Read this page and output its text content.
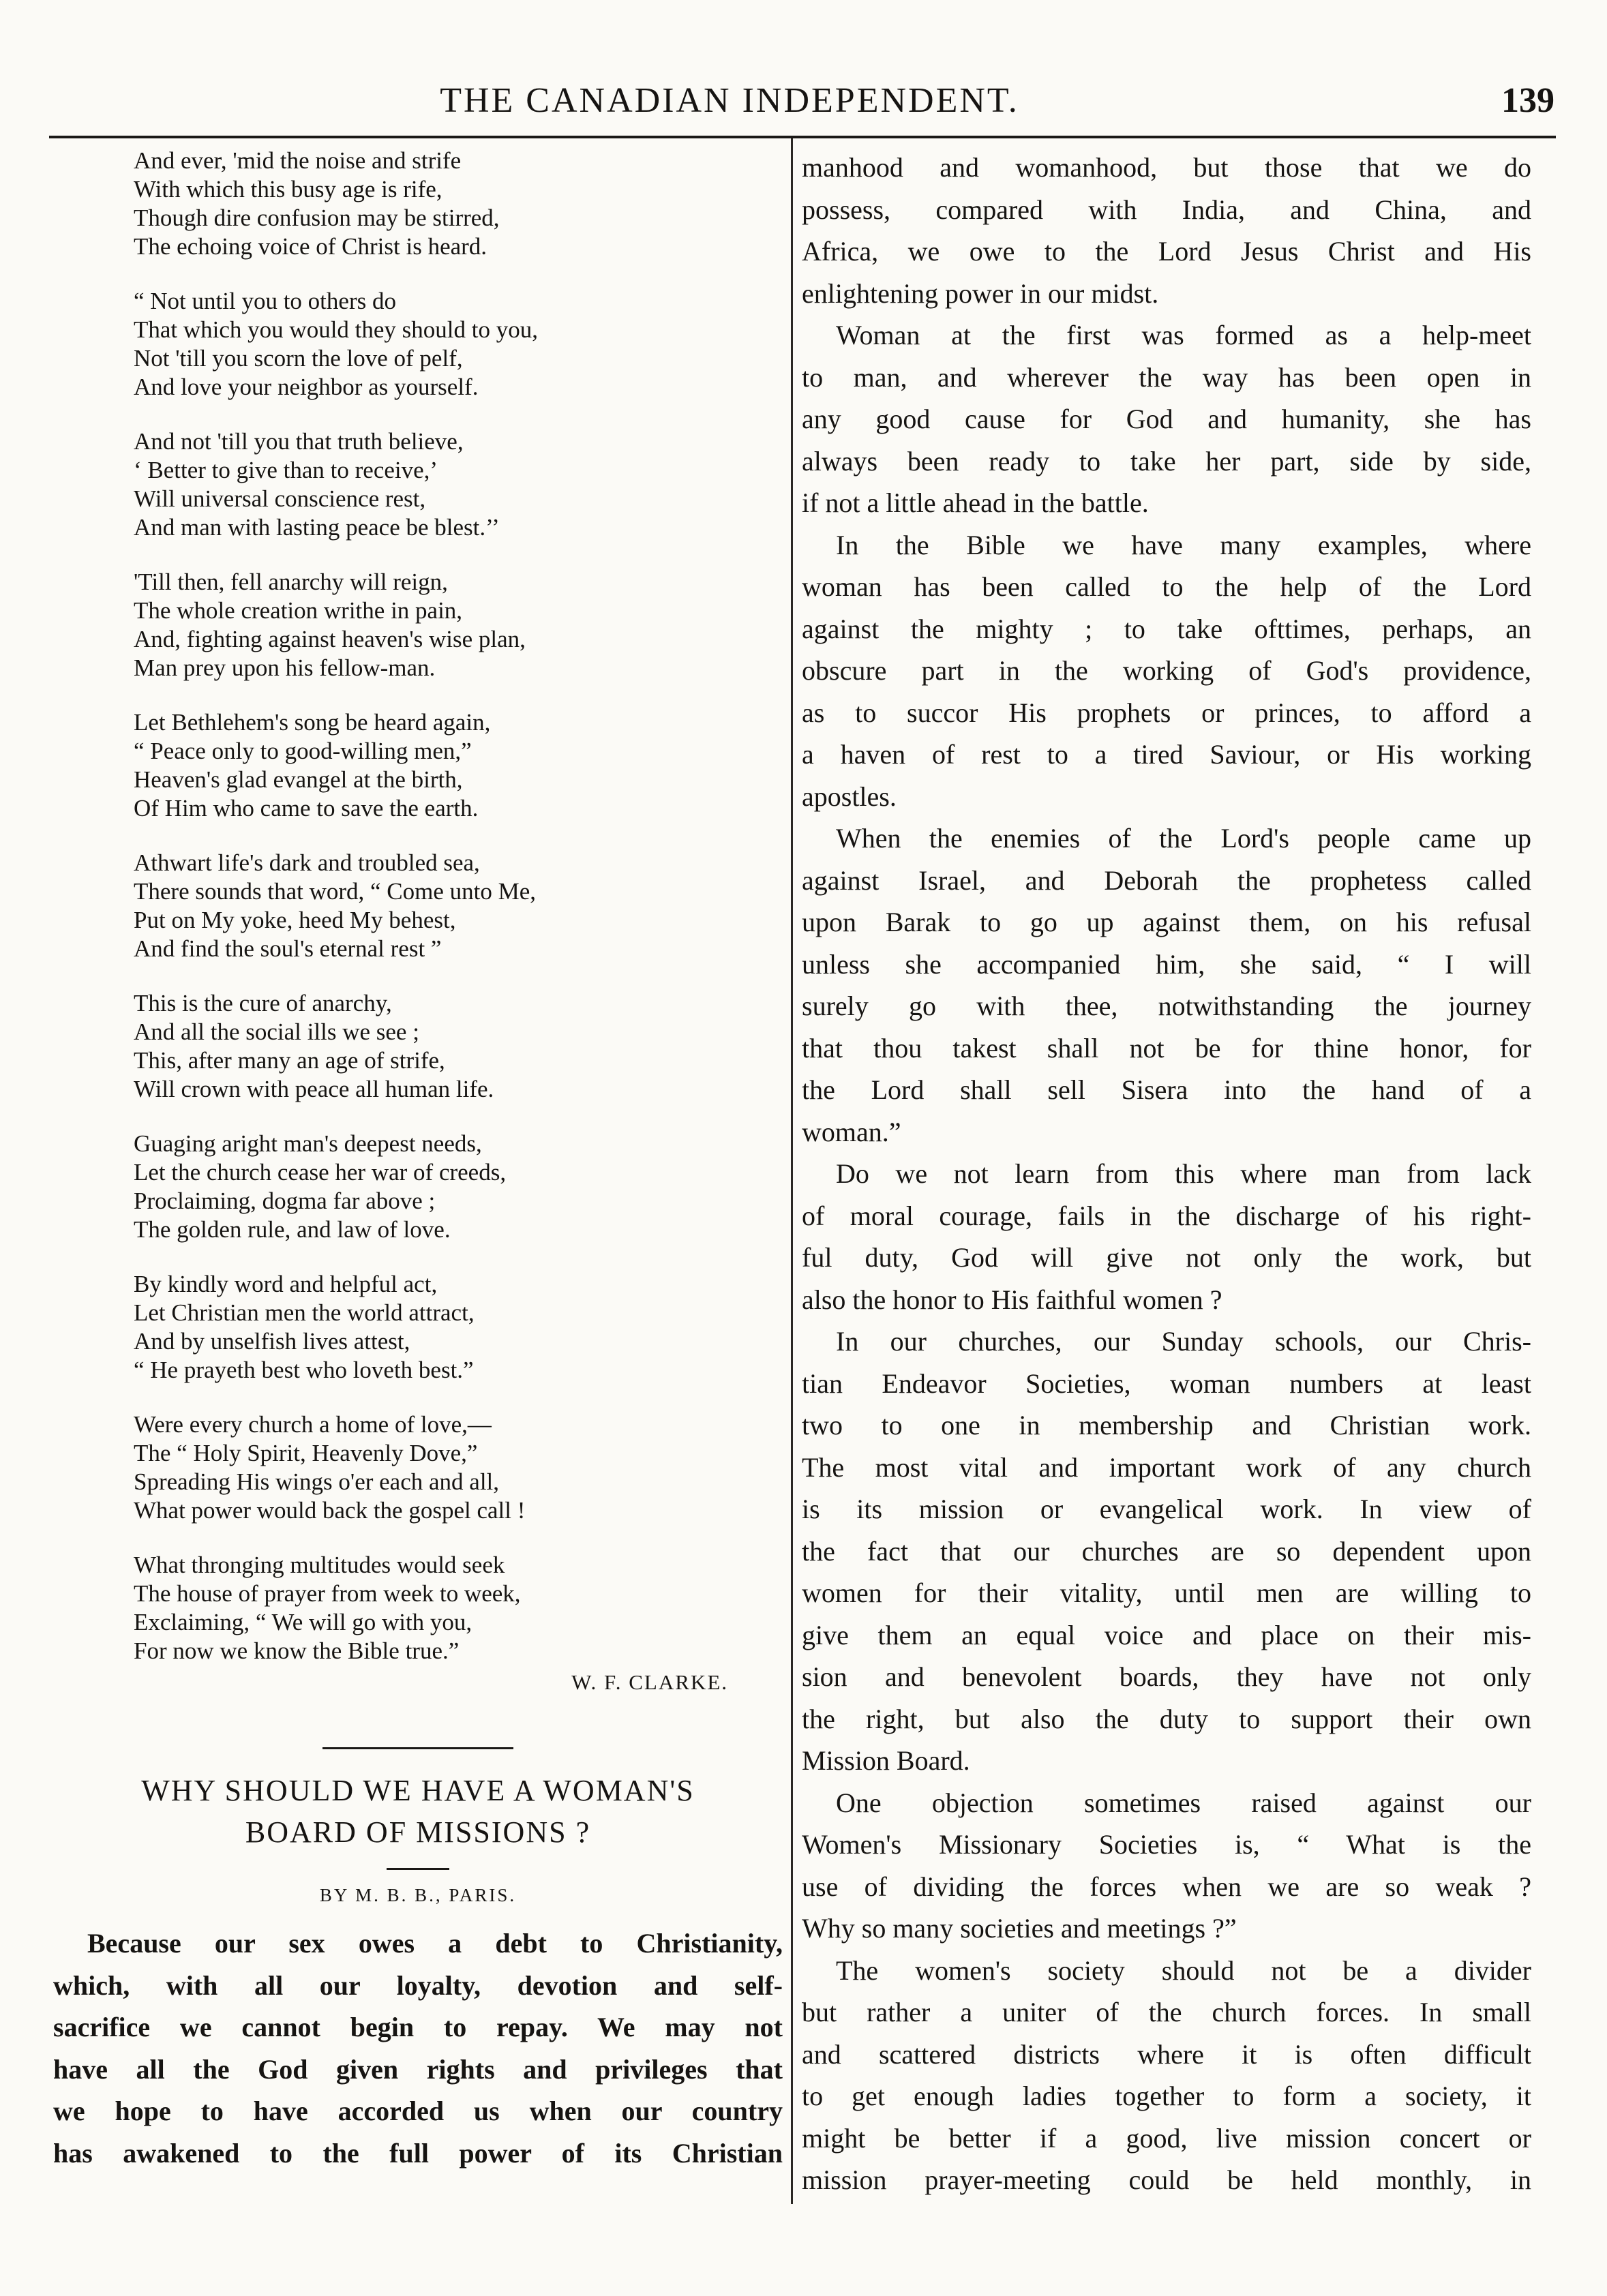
THE CANADIAN INDEPENDENT.	139
And ever, 'mid the noise and strife
With which this busy age is rife,
Though dire confusion may be stirred,
The echoing voice of Christ is heard.
“ Not until you to others do
That which you would they should to you,
Not 'till you scorn the love of pelf,
And love your neighbor as yourself.
And not 'till you that truth believe,
‘ Better to give than to receive,’
Will universal conscience rest,
And man with lasting peace be blest.’’
'Till then, fell anarchy will reign,
The whole creation writhe in pain,
And, fighting against heaven's wise plan,
Man prey upon his fellow-man.
Let Bethlehem's song be heard again,
“ Peace only to good-willing men,”
Heaven's glad evangel at the birth,
Of Him who came to save the earth.
Athwart life's dark and troubled sea,
There sounds that word, “ Come unto Me,
Put on My yoke, heed My behest,
And find the soul's eternal rest ”
This is the cure of anarchy,
And all the social ills we see ;
This, after many an age of strife,
Will crown with peace all human life.
Guaging aright man's deepest needs,
Let the church cease her war of creeds,
Proclaiming, dogma far above ;
The golden rule, and law of love.
By kindly word and helpful act,
Let Christian men the world attract,
And by unselfish lives attest,
“ He prayeth best who loveth best.”
Were every church a home of love,—
The “ Holy Spirit, Heavenly Dove,”
Spreading His wings o'er each and all,
What power would back the gospel call !
What thronging multitudes would seek
The house of prayer from week to week,
Exclaiming, “ We will go with you,
For now we know the Bible true.”
W. F. CLARKE.
WHY SHOULD WE HAVE A WOMAN'S
BOARD OF MISSIONS ?
BY M. B. B., PARIS.
Because our sex owes a debt to Christianity,
which, with all our loyalty, devotion and self-
sacrifice we cannot begin to repay. We may not
have all the God given rights and privileges that
we hope to have accorded us when our country
has awakened to the full power of its Christian
manhood and womanhood, but those that we do
possess, compared with India, and China, and
Africa, we owe to the Lord Jesus Christ and His
enlightening power in our midst.
Woman at the first was formed as a help-meet
to man, and wherever the way has been open in
any good cause for God and humanity, she has
always been ready to take her part, side by side,
if not a little ahead in the battle.
In the Bible we have many examples, where
woman has been called to the help of the Lord
against the mighty ; to take ofttimes, perhaps, an
obscure part in the working of God's providence,
as to succor His prophets or princes, to afford a
a haven of rest to a tired Saviour, or His working
apostles.
When the enemies of the Lord's people came up
against Israel, and Deborah the prophetess called
upon Barak to go up against them, on his refusal
unless she accompanied him, she said, “ I will
surely go with thee, notwithstanding the journey
that thou takest shall not be for thine honor, for
the Lord shall sell Sisera into the hand of a
woman.”
Do we not learn from this where man from lack
of moral courage, fails in the discharge of his right-
ful duty, God will give not only the work, but
also the honor to His faithful women ?
In our churches, our Sunday schools, our Chris-
tian Endeavor Societies, woman numbers at least
two to one in membership and Christian work.
The most vital and important work of any church
is its mission or evangelical work. In view of
the fact that our churches are so dependent upon
women for their vitality, until men are willing to
give them an equal voice and place on their mis-
sion and benevolent boards, they have not only
the right, but also the duty to support their own
Mission Board.
One objection sometimes raised against our
Women's Missionary Societies is, “ What is the
use of dividing the forces when we are so weak ?
Why so many societies and meetings ?”
The women's society should not be a divider
but rather a uniter of the church forces. In small
and scattered districts where it is often difficult
to get enough ladies together to form a society, it
might be better if a good, live mission concert or
mission prayer-meeting could be held monthly, in
